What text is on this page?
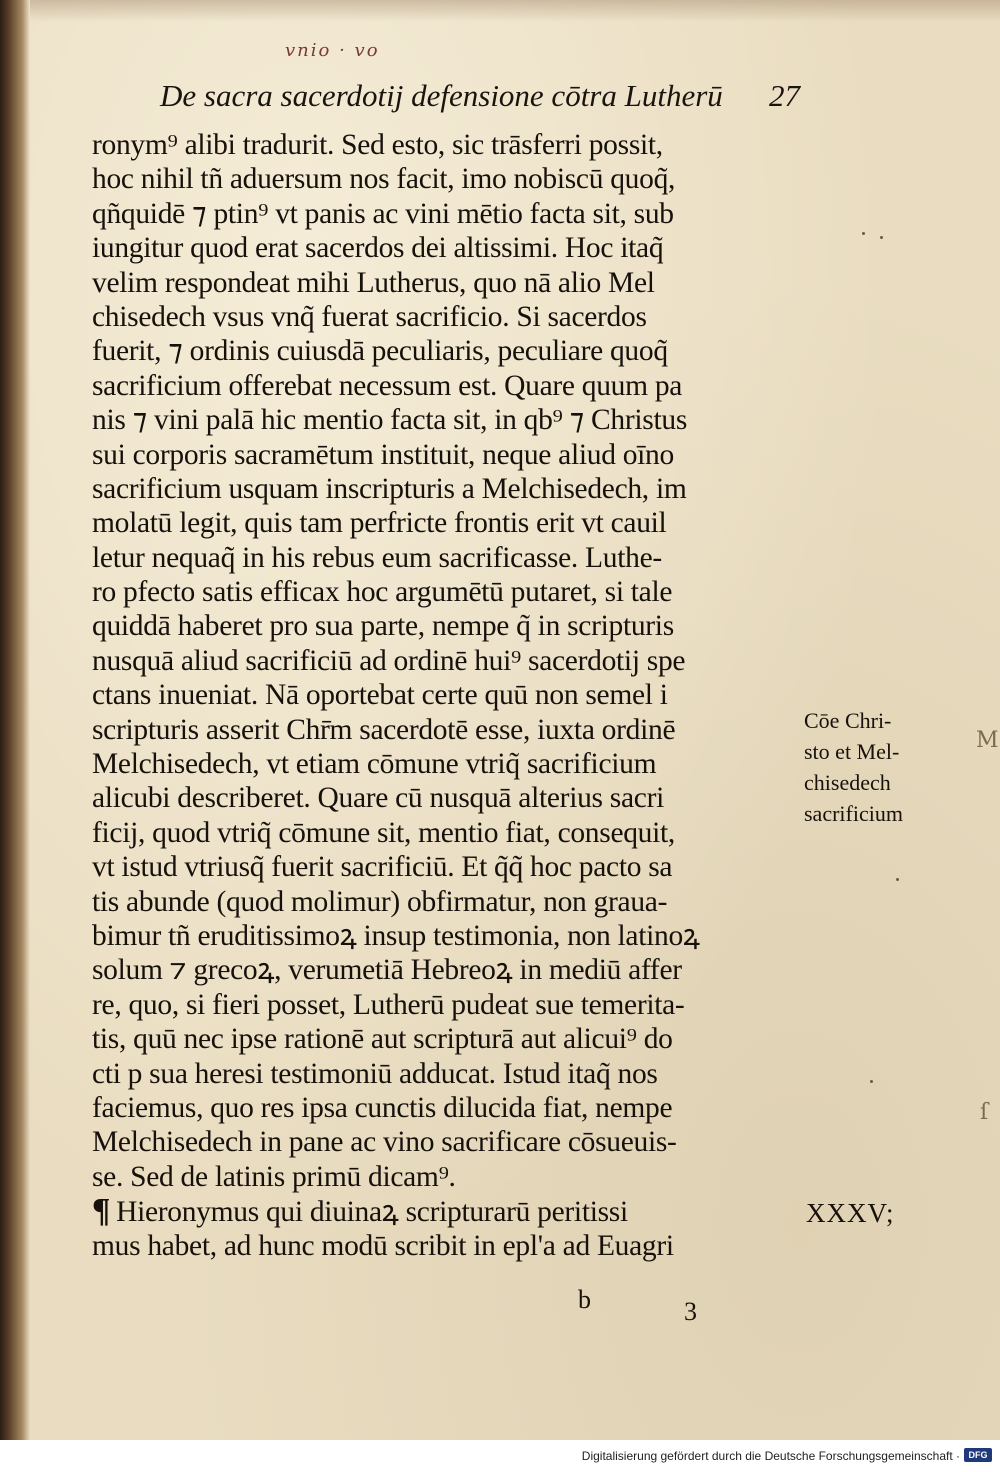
vnio · vo
De sacra sacerdotij defensione cōtra Lutherū 27
ronym⁹ alibi tradurit. Sed esto, sic trāsferri possit,
hoc nihil tñ aduersum nos facit, imo nobiscū quoq̃,
qñquidē ⁊ ptin⁹ vt panis ac vini mētio facta sit, sub
iungitur quod erat sacerdos dei altissimi. Hoc itaq̃
velim respondeat mihi Lutherus, quo nā alio Mel
chisedech vsus vnq̃ fuerat sacrificio. Si sacerdos
fuerit, ⁊ ordinis cuiusdā peculiaris, peculiare quoq̃
sacrificium offerebat necessum est. Quare quum pa
nis ⁊ vini palā hic mentio facta sit, in qb⁹ ⁊ Christus
sui corporis sacramētum instituit, neque aliud oīno
sacrificium usquam inscripturis a Melchisedech, im
molatū legit, quis tam perfricte frontis erit vt cauil
letur nequaq̃ in his rebus eum sacrificasse. Luthe-
ro pfecto satis efficax hoc argumētū putaret, si tale
quiddā haberet pro sua parte, nempe q̃ in scripturis
nusquā aliud sacrificiū ad ordinē hui⁹ sacerdotij spe
ctans inueniat. Nā oportebat certe quū non semel i
scripturis asserit Chr̄m sacerdotē esse, iuxta ordinē
Melchisedech, vt etiam cōmune vtriq̃ sacrificium
alicubi describeret. Quare cū nusquā alterius sacri
ficij, quod vtriq̃ cōmune sit, mentio fiat, consequit,
vt istud vtriusq̃ fuerit sacrificiū. Et q̃q̃ hoc pacto sa
tis abunde (quod molimur) obfirmatur, non graua-
bimur tñ eruditissimoꝝ insup testimonia, non latinoꝝ
solum ⁊ grecoꝝ, verumetiā Hebreoꝝ in mediū affer
re, quo, si fieri posset, Lutherū pudeat sue temerita-
tis, quū nec ipse rationē aut scripturā aut alicui⁹ do
cti p sua heresi testimoniū adducat. Istud itaq̃ nos
faciemus, quo res ipsa cunctis dilucida fiat, nempe
Melchisedech in pane ac vino sacrificare cōsueuis-
se. Sed de latinis primū dicam⁹.
¶ Hieronymus qui diuinaꝝ scripturarū peritissi
mus habet, ad hunc modū scribit in epl'a ad Euagri
Cōe Chri-
sto et Mel-
chisedech
sacrificium
XXXV;
b	3
M
ſ
Digitalisierung gefördert durch die Deutsche Forschungsgemeinschaft · DFG
